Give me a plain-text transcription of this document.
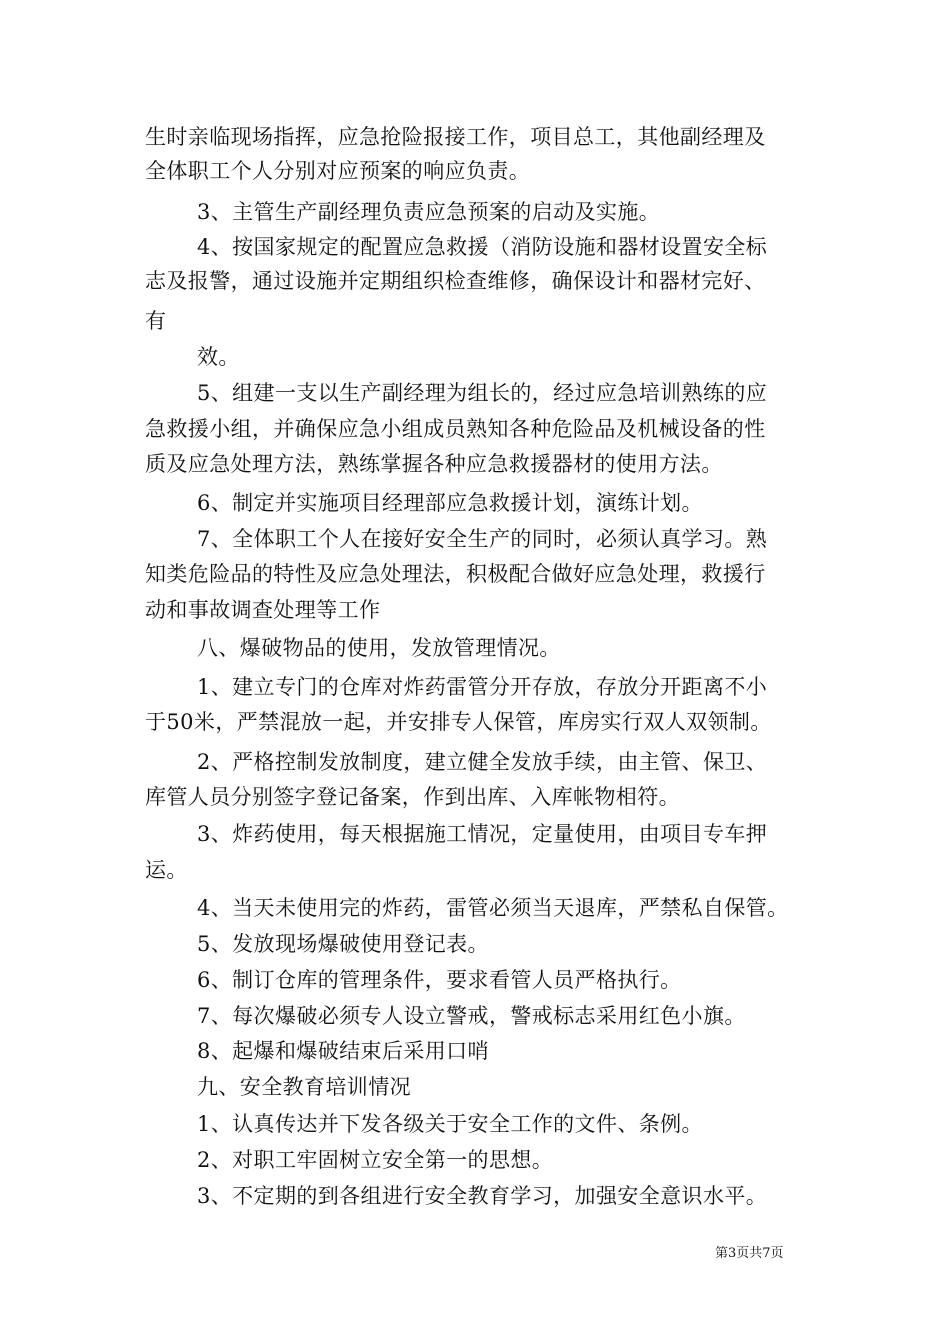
生时亲临现场指挥，应急抢险报接工作，项目总工，其他副经理及
全体职工个人分别对应预案的响应负责。
3、主管生产副经理负责应急预案的启动及实施。
4、按国家规定的配置应急救援（消防设施和器材设置安全标
志及报警，通过设施并定期组织检查维修，确保设计和器材完好、
有
效。
5、组建一支以生产副经理为组长的，经过应急培训熟练的应
急救援小组，并确保应急小组成员熟知各种危险品及机械设备的性
质及应急处理方法，熟练掌握各种应急救援器材的使用方法。
6、制定并实施项目经理部应急救援计划，演练计划。
7、全体职工个人在接好安全生产的同时，必须认真学习。熟
知类危险品的特性及应急处理法，积极配合做好应急处理，救援行
动和事故调查处理等工作
八、爆破物品的使用，发放管理情况。
1、建立专门的仓库对炸药雷管分开存放，存放分开距离不小
于50米，严禁混放一起，并安排专人保管，库房实行双人双领制。
2、严格控制发放制度，建立健全发放手续，由主管、保卫、
库管人员分别签字登记备案，作到出库、入库帐物相符。
3、炸药使用，每天根据施工情况，定量使用，由项目专车押
运。
4、当天未使用完的炸药，雷管必须当天退库，严禁私自保管。
5、发放现场爆破使用登记表。
6、制订仓库的管理条件，要求看管人员严格执行。
7、每次爆破必须专人设立警戒，警戒标志采用红色小旗。
8、起爆和爆破结束后采用口哨
九、安全教育培训情况
1、认真传达并下发各级关于安全工作的文件、条例。
2、对职工牢固树立安全第一的思想。
3、不定期的到各组进行安全教育学习，加强安全意识水平。
第3页共7页
